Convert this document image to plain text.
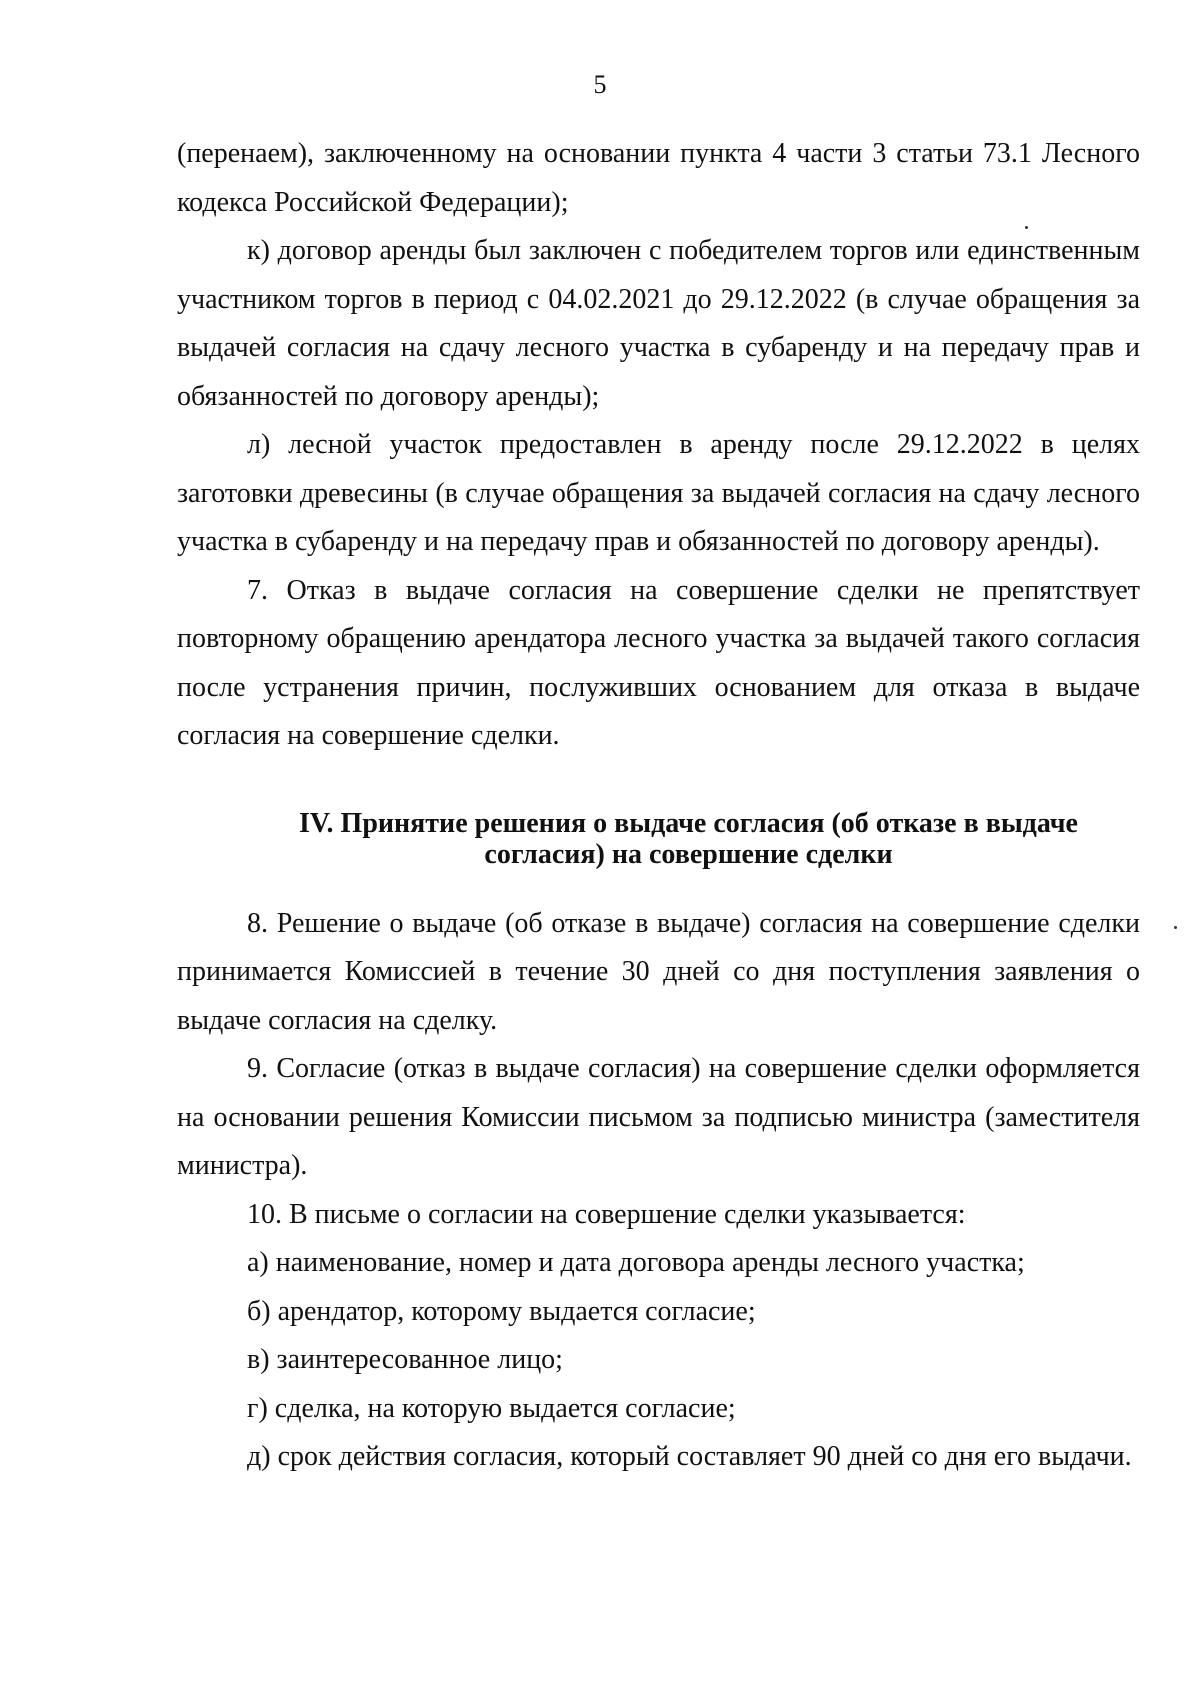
5

(перенаем), заключенному на основании пункта 4 части 3 статьи 73.1 Лесного кодекса Российской Федерации);

к) договор аренды был заключен с победителем торгов или единственным участником торгов в период с 04.02.2021 до 29.12.2022 (в случае обращения за выдачей согласия на сдачу лесного участка в субаренду и на передачу прав и обязанностей по договору аренды);

л) лесной участок предоставлен в аренду после 29.12.2022 в целях заготовки древесины (в случае обращения за выдачей согласия на сдачу лесного участка в субаренду и на передачу прав и обязанностей по договору аренды).

7. Отказ в выдаче согласия на совершение сделки не препятствует повторному обращению арендатора лесного участка за выдачей такого согласия после устранения причин, послуживших основанием для отказа в выдаче согласия на совершение сделки.

IV. Принятие решения о выдаче согласия (об отказе в выдаче
согласия) на совершение сделки

8. Решение о выдаче (об отказе в выдаче) согласия на совершение сделки принимается Комиссией в течение 30 дней со дня поступления заявления о выдаче согласия на сделку.

9. Согласие (отказ в выдаче согласия) на совершение сделки оформляется на основании решения Комиссии письмом за подписью министра (заместителя министра).

10. В письме о согласии на совершение сделки указывается:

а) наименование, номер и дата договора аренды лесного участка;

б) арендатор, которому выдается согласие;

в) заинтересованное лицо;

г) сделка, на которую выдается согласие;

д) срок действия согласия, который составляет 90 дней со дня его выдачи.
